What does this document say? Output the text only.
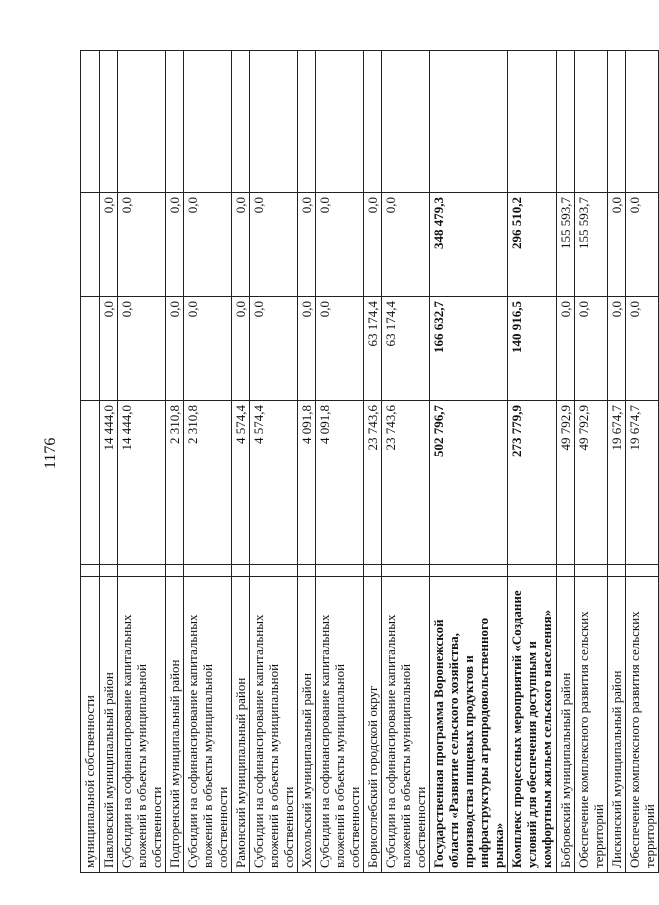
1176
муниципальной собственности					
Павловский муниципальный район		14 444,0	0,0	0,0	
Субсидии на софинансирование капитальных вложений в объекты муниципальной собственности		14 444,0	0,0	0,0	
Подгоренский муниципальный район		2 310,8	0,0	0,0	
Субсидии на софинансирование капитальных вложений в объекты муниципальной собственности		2 310,8	0,0	0,0	
Рамонский муниципальный район		4 574,4	0,0	0,0	
Субсидии на софинансирование капитальных вложений в объекты муниципальной собственности		4 574,4	0,0	0,0	
Хохольский муниципальный район		4 091,8	0,0	0,0	
Субсидии на софинансирование капитальных вложений в объекты муниципальной собственности		4 091,8	0,0	0,0	
Борисоглебский городской округ		23 743,6	63 174,4	0,0	
Субсидии на софинансирование капитальных вложений в объекты муниципальной собственности		23 743,6	63 174,4	0,0	
Государственная программа Воронежской области «Развитие сельского хозяйства, производства пищевых продуктов и инфраструктуры агропродовольственного рынка»		502 796,7	166 632,7	348 479,3	
Комплекс процессных мероприятий «Создание условий для обеспечения доступным и комфортным жильем сельского населения»		273 779,9	140 916,5	296 510,2	
Бобровский муниципальный район		49 792,9	0,0	155 593,7	
Обеспечение комплексного развития сельских территорий		49 792,9	0,0	155 593,7	
Лискинский муниципальный район		19 674,7	0,0	0,0	
Обеспечение комплексного развития сельских территорий		19 674,7	0,0	0,0	
